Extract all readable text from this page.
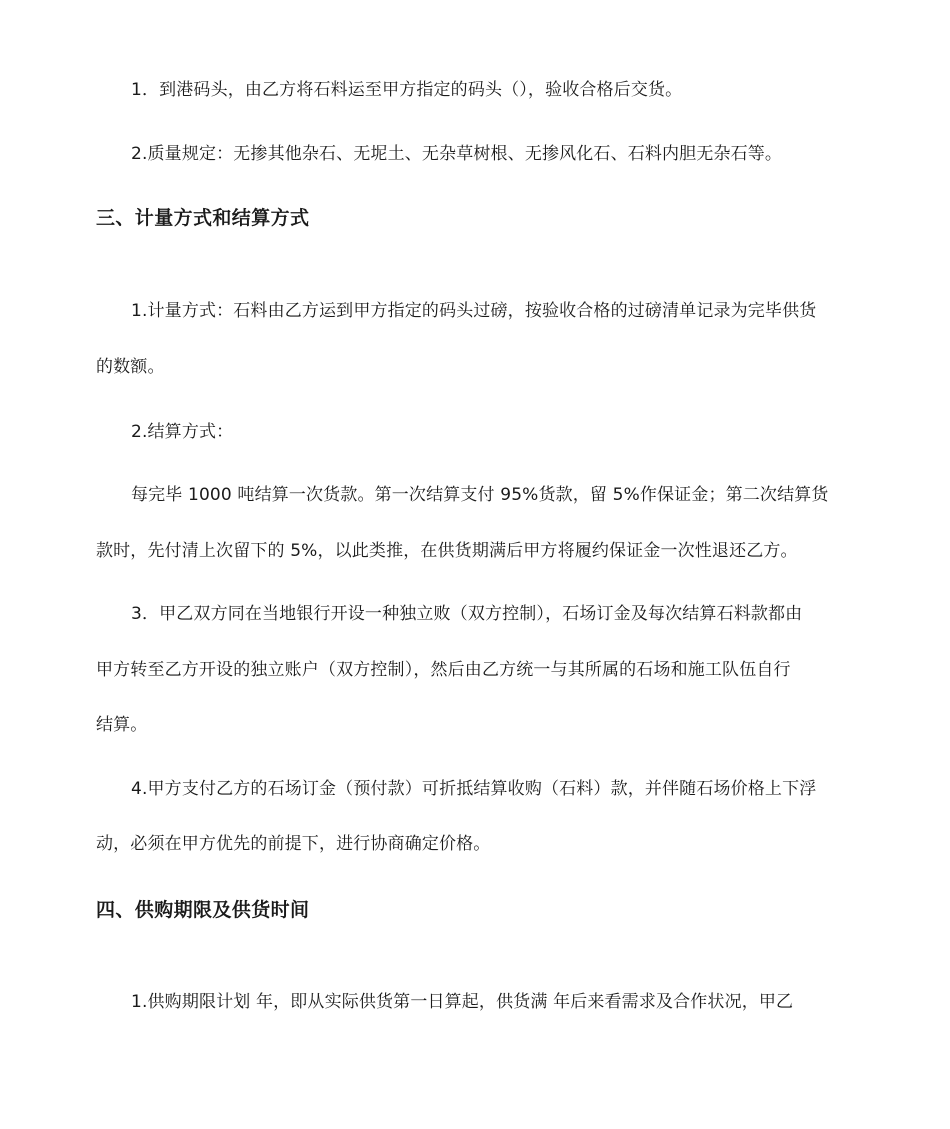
1．到港码头，由乙方将石料运至甲方指定的码头（），验收合格后交货。
2.质量规定：无掺其他杂石、无坭土、无杂草树根、无掺风化石、石料内胆无杂石等。
三、计量方式和结算方式
1.计量方式：石料由乙方运到甲方指定的码头过磅，按验收合格的过磅清单记录为完毕供货
的数额。
2.结算方式：
每完毕 1000 吨结算一次货款。第一次结算支付 95%货款，留 5%作保证金；第二次结算货
款时，先付清上次留下的 5%，以此类推，在供货期满后甲方将履约保证金一次性退还乙方。
3．甲乙双方同在当地银行开设一种独立败（双方控制），石场订金及每次结算石料款都由
甲方转至乙方开设的独立账户（双方控制），然后由乙方统一与其所属的石场和施工队伍自行
结算。
4.甲方支付乙方的石场订金（预付款）可折抵结算收购（石料）款，并伴随石场价格上下浮
动，必须在甲方优先的前提下，进行协商确定价格。
四、供购期限及供货时间
1.供购期限计划 年，即从实际供货第一日算起，供货满 年后来看需求及合作状况，甲乙
